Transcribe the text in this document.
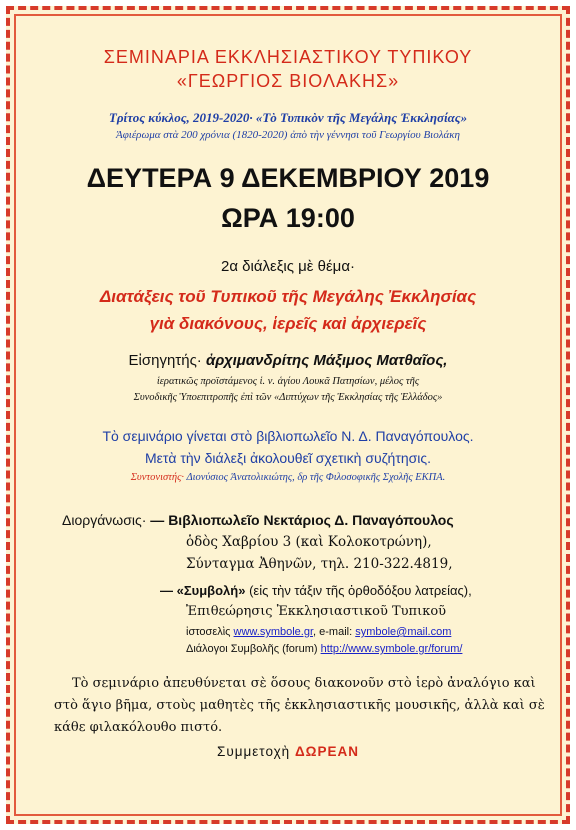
ΣΕΜΙΝΑΡΙΑ ΕΚΚΛΗΣΙΑΣΤΙΚΟΥ ΤΥΠΙΚΟΥ
«ΓΕΩΡΓΙΟΣ ΒΙΟΛΑΚΗΣ»
Τρίτος κύκλος, 2019-2020· «Τὸ Τυπικὸν τῆς Μεγάλης Ἐκκλησίας»
Ἀφιέρωμα στὰ 200 χρόνια (1820-2020) ἀπὸ τὴν γέννησι τοῦ Γεωργίου Βιολάκη
ΔΕΥΤΕΡΑ 9 ΔΕΚΕΜΒΡΙΟΥ 2019
ΩΡΑ 19:00
2α διάλεξις μὲ θέμα·
Διατάξεις τοῦ Τυπικοῦ τῆς Μεγάλης Ἐκκλησίας
γιὰ διακόνους, ἱερεῖς καὶ ἀρχιερεῖς
Εἰσηγητής· ἀρχιμανδρίτης Μάξιμος Ματθαῖος,
ἱερατικῶς προϊστάμενος ἱ. ν. ἁγίου Λουκᾶ Πατησίων, μέλος τῆς
Συνοδικῆς Ὑποεπιτροπῆς ἐπὶ τῶν «Διπτύχων τῆς Ἐκκλησίας τῆς Ἑλλάδος»
Τὸ σεμινάριο γίνεται στὸ βιβλιοπωλεῖο Ν. Δ. Παναγόπουλος.
Μετὰ τὴν διάλεξι ἀκολουθεῖ σχετικὴ συζήτησις.
Συντονιστής· Διονύσιος Ἀνατολικιώτης, δρ τῆς Φιλοσοφικῆς Σχολῆς ΕΚΠΑ.
Διοργάνωσις· — Βιβλιοπωλεῖο Νεκτάριος Δ. Παναγόπουλος
ὁδὸς Χαβρίου 3 (καὶ Κολοκοτρώνη),
Σύνταγμα Ἀθηνῶν, τηλ. 210-322.4819,
— «Συμβολή» (εἰς τὴν τάξιν τῆς ὀρθοδόξου λατρείας),
Ἐπιθεώρησις Ἐκκλησιαστικοῦ Τυπικοῦ
ἱστοσελὶς www.symbole.gr, e-mail: symbole@mail.com
Διάλογοι Συμβολῆς (forum) http://www.symbole.gr/forum/
Τὸ σεμινάριο ἀπευθύνεται σὲ ὅσους διακονοῦν στὸ ἱερὸ ἀναλόγιο καὶ
στὸ ἅγιο βῆμα, στοὺς μαθητὲς τῆς ἐκκλησιαστικῆς μουσικῆς, ἀλλὰ καὶ σὲ
κάθε φιλακόλουθο πιστό.
Συμμετοχὴ ΔΩΡΕΑΝ
